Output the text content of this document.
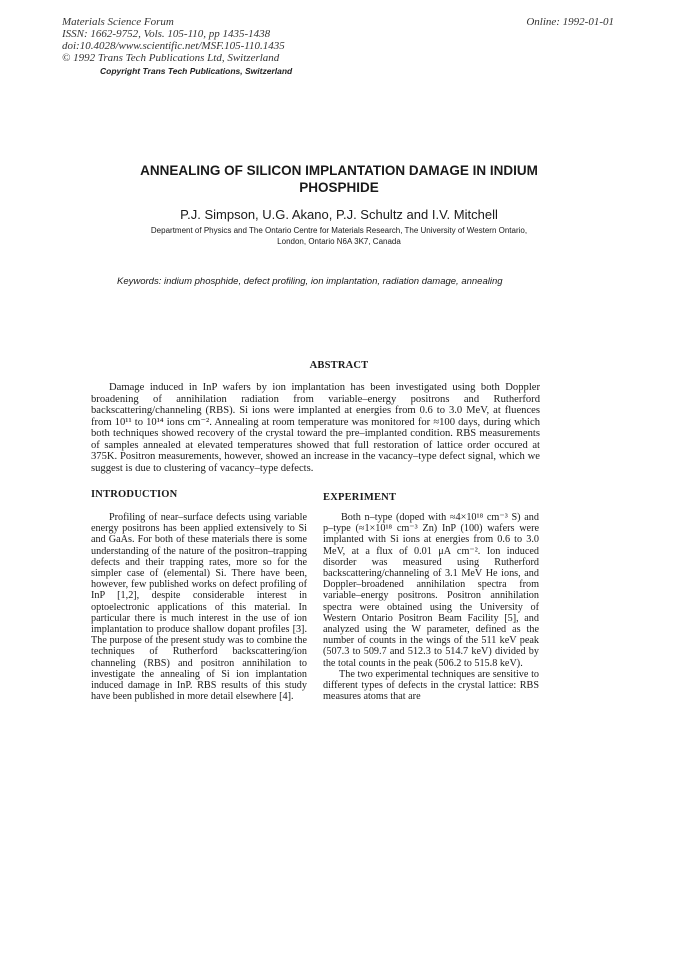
Materials Science Forum
ISSN: 1662-9752, Vols. 105-110, pp 1435-1438
doi:10.4028/www.scientific.net/MSF.105-110.1435
© 1992 Trans Tech Publications Ltd, Switzerland
Online: 1992-01-01
Copyright Trans Tech Publications, Switzerland
ANNEALING OF SILICON IMPLANTATION DAMAGE IN INDIUM
PHOSPHIDE
P.J. Simpson, U.G. Akano, P.J. Schultz and I.V. Mitchell
Department of Physics and The Ontario Centre for Materials Research, The University of Western Ontario,
London, Ontario N6A 3K7, Canada
Keywords: indium phosphide, defect profiling, ion implantation, radiation damage, annealing
ABSTRACT

Damage induced in InP wafers by ion implantation has been investigated using both Doppler broadening of annihilation radiation from variable–energy positrons and Rutherford backscattering/channeling (RBS). Si ions were implanted at energies from 0.6 to 3.0 MeV, at fluences from 10¹¹ to 10¹⁴ ions cm⁻². Annealing at room temperature was monitored for ≈100 days, during which both techniques showed recovery of the crystal toward the pre–implanted condition. RBS measurements of samples annealed at elevated temperatures showed that full restoration of lattice order occured at 375K. Positron measurements, however, showed an increase in the vacancy–type defect signal, which we suggest is due to clustering of vacancy–type defects.

INTRODUCTION

Profiling of near–surface defects using variable energy positrons has been applied extensively to Si and GaAs. For both of these materials there is some understanding of the nature of the positron–trapping defects and their trapping rates, more so for the simpler case of (elemental) Si. There have been, however, few published works on defect profiling of InP [1,2], despite considerable interest in optoelectronic applications of this material. In particular there is much interest in the use of ion implantation to produce shallow dopant profiles [3]. The purpose of the present study was to combine the techniques of Rutherford backscattering/ion channeling (RBS) and positron annihilation to investigate the annealing of Si ion implantation induced damage in InP. RBS results of this study have been published in more detail elsewhere [4].

EXPERIMENT

Both n–type (doped with ≈4×10¹⁸ cm⁻³ S) and p–type (≈1×10¹⁸ cm⁻³ Zn) InP (100) wafers were implanted with Si ions at energies from 0.6 to 3.0 MeV, at a flux of 0.01 μA cm⁻². Ion induced disorder was measured using Rutherford backscattering/channeling of 3.1 MeV He ions, and Doppler–broadened annihilation spectra from variable–energy positrons. Positron annihilation spectra were obtained using the University of Western Ontario Positron Beam Facility [5], and analyzed using the W parameter, defined as the number of counts in the wings of the 511 keV peak (507.3 to 509.7 and 512.3 to 514.7 keV) divided by the total counts in the peak (506.2 to 515.8 keV).

The two experimental techniques are sensitive to different types of defects in the crystal lattice: RBS measures atoms that are
